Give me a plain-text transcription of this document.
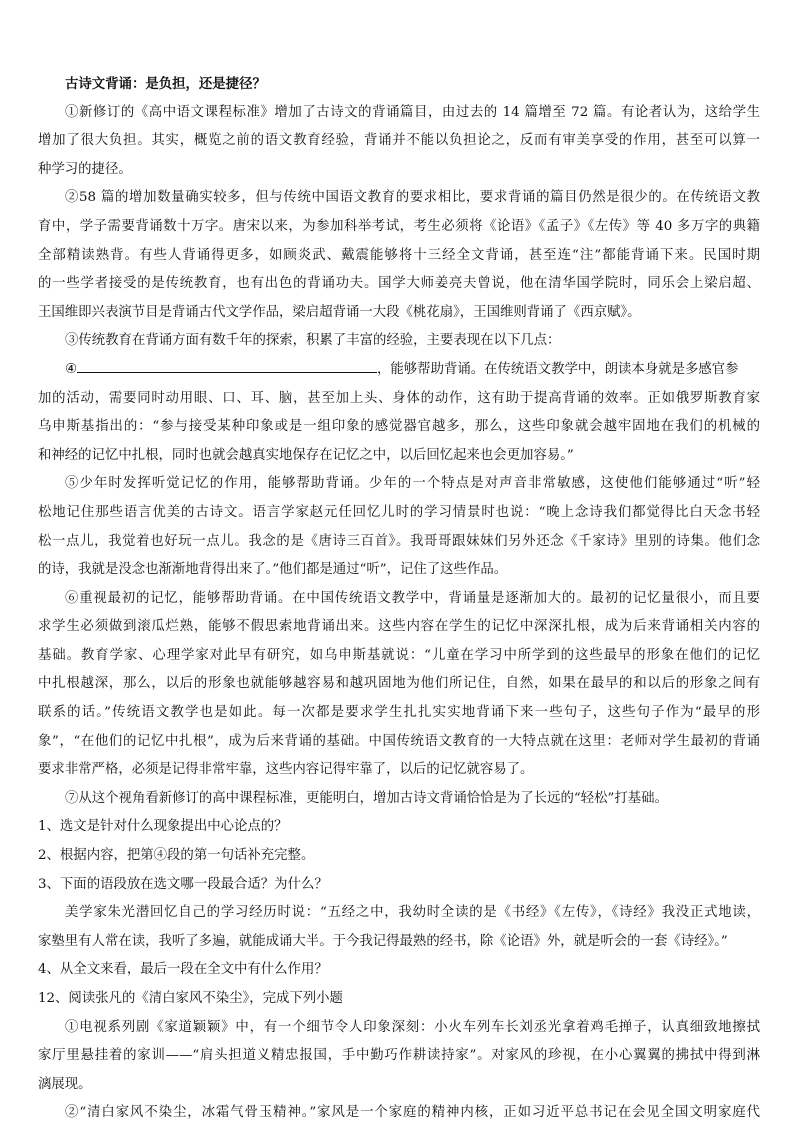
古诗文背诵：是负担，还是捷径？
①新修订的《高中语文课程标准》增加了古诗文的背诵篇目，由过去的 14 篇增至 72 篇。有论者认为，这给学生
增加了很大负担。其实，概览之前的语文教育经验，背诵并不能以负担论之，反而有审美享受的作用，甚至可以算一
种学习的捷径。
②58 篇的增加数量确实较多，但与传统中国语文教育的要求相比，要求背诵的篇目仍然是很少的。在传统语文教
育中，学子需要背诵数十万字。唐宋以来，为参加科举考试，考生必须将《论语》《孟子》《左传》等 40 多万字的典籍
全部精读熟背。有些人背诵得更多，如顾炎武、戴震能够将十三经全文背诵，甚至连“注”都能背诵下来。民国时期
的一些学者接受的是传统教育，也有出色的背诵功夫。国学大师姜亮夫曾说，他在清华国学院时，同乐会上梁启超、
王国维即兴表演节目是背诵古代文学作品，梁启超背诵一大段《桃花扇》，王国维则背诵了《西京赋》。
③传统教育在背诵方面有数千年的探索，积累了丰富的经验，主要表现在以下几点：
④	，能够帮助背诵。在传统语文教学中，朗读本身就是多感官参
加的活动，需要同时动用眼、口、耳、脑，甚至加上头、身体的动作，这有助于提高背诵的效率。正如俄罗斯教育家
乌申斯基指出的：“参与接受某种印象或是一组印象的感觉器官越多，那么，这些印象就会越牢固地在我们的机械的
和神经的记忆中扎根，同时也就会越真实地保存在记忆之中，以后回忆起来也会更加容易。”
⑤少年时发挥听觉记忆的作用，能够帮助背诵。少年的一个特点是对声音非常敏感，这使他们能够通过“听”轻
松地记住那些语言优美的古诗文。语言学家赵元任回忆儿时的学习情景时也说：“晚上念诗我们都觉得比白天念书轻
松一点儿，我觉着也好玩一点儿。我念的是《唐诗三百首》。我哥哥跟妹妹们另外还念《千家诗》里别的诗集。他们念
的诗，我就是没念也渐渐地背得出来了。”他们都是通过“听”，记住了这些作品。
⑥重视最初的记忆，能够帮助背诵。在中国传统语文教学中，背诵量是逐渐加大的。最初的记忆量很小，而且要
求学生必须做到滚瓜烂熟，能够不假思索地背诵出来。这些内容在学生的记忆中深深扎根，成为后来背诵相关内容的
基础。教育学家、心理学家对此早有研究，如乌申斯基就说：“儿童在学习中所学到的这些最早的形象在他们的记忆
中扎根越深，那么，以后的形象也就能够越容易和越巩固地为他们所记住，自然，如果在最早的和以后的形象之间有
联系的话。”传统语文教学也是如此。每一次都是要求学生扎扎实实地背诵下来一些句子，这些句子作为“最早的形
象”，“在他们的记忆中扎根”，成为后来背诵的基础。中国传统语文教育的一大特点就在这里：老师对学生最初的背诵
要求非常严格，必须是记得非常牢靠，这些内容记得牢靠了，以后的记忆就容易了。
⑦从这个视角看新修订的高中课程标准，更能明白，增加古诗文背诵恰恰是为了长远的“轻松”打基础。
1、选文是针对什么现象提出中心论点的？
2、根据内容，把第④段的第一句话补充完整。
3、下面的语段放在选文哪一段最合适？为什么？
美学家朱光潜回忆自己的学习经历时说：“五经之中，我幼时全读的是《书经》《左传》，《诗经》我没正式地读，
家塾里有人常在读，我听了多遍，就能成诵大半。于今我记得最熟的经书，除《论语》外，就是听会的一套《诗经》。”
4、从全文来看，最后一段在全文中有什么作用？
12、阅读张凡的《清白家风不染尘》，完成下列小题
①电视系列剧《家道颖颖》中，有一个细节令人印象深刻：小火车列车长刘丞光拿着鸡毛掸子，认真细致地擦拭
家厅里悬挂着的家训——“肩头担道义精忠报国，手中勤巧作耕读持家”。对家风的珍视，在小心翼翼的拂拭中得到淋
漓展现。
②“清白家风不染尘，冰霜气骨玉精神。”家风是一个家庭的精神内核，正如习近平总书记在会见全国文明家庭代
